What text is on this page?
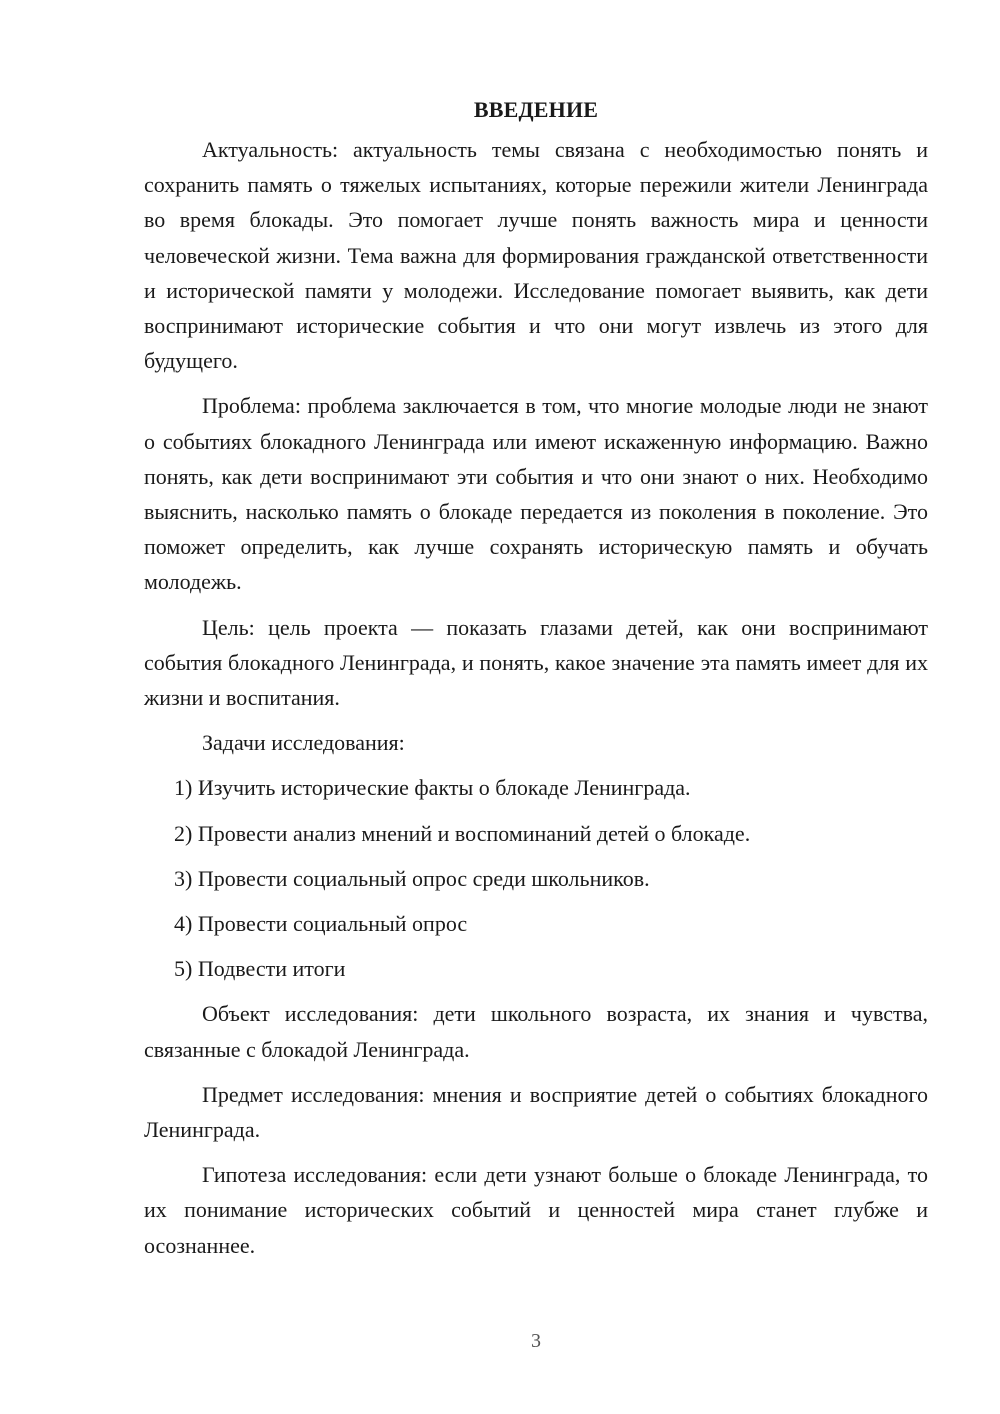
ВВЕДЕНИЕ

Актуальность: актуальность темы связана с необходимостью понять и сохранить память о тяжелых испытаниях, которые пережили жители Ленинграда во время блокады. Это помогает лучше понять важность мира и ценности человеческой жизни. Тема важна для формирования гражданской ответственности и исторической памяти у молодежи. Исследование помогает выявить, как дети воспринимают исторические события и что они могут извлечь из этого для будущего.

Проблема: проблема заключается в том, что многие молодые люди не знают о событиях блокадного Ленинграда или имеют искаженную информацию. Важно понять, как дети воспринимают эти события и что они знают о них. Необходимо выяснить, насколько память о блокаде передается из поколения в поколение. Это поможет определить, как лучше сохранять историческую память и обучать молодежь.

Цель: цель проекта — показать глазами детей, как они воспринимают события блокадного Ленинграда, и понять, какое значение эта память имеет для их жизни и воспитания.

Задачи исследования:

1) Изучить исторические факты о блокаде Ленинграда.

2) Провести анализ мнений и воспоминаний детей о блокаде.

3) Провести социальный опрос среди школьников.

4) Провести социальный опрос

5) Подвести итоги

Объект исследования: дети школьного возраста, их знания и чувства, связанные с блокадой Ленинграда.

Предмет исследования: мнения и восприятие детей о событиях блокадного Ленинграда.

Гипотеза исследования: если дети узнают больше о блокаде Ленинграда, то их понимание исторических событий и ценностей мира станет глубже и осознаннее.

3
